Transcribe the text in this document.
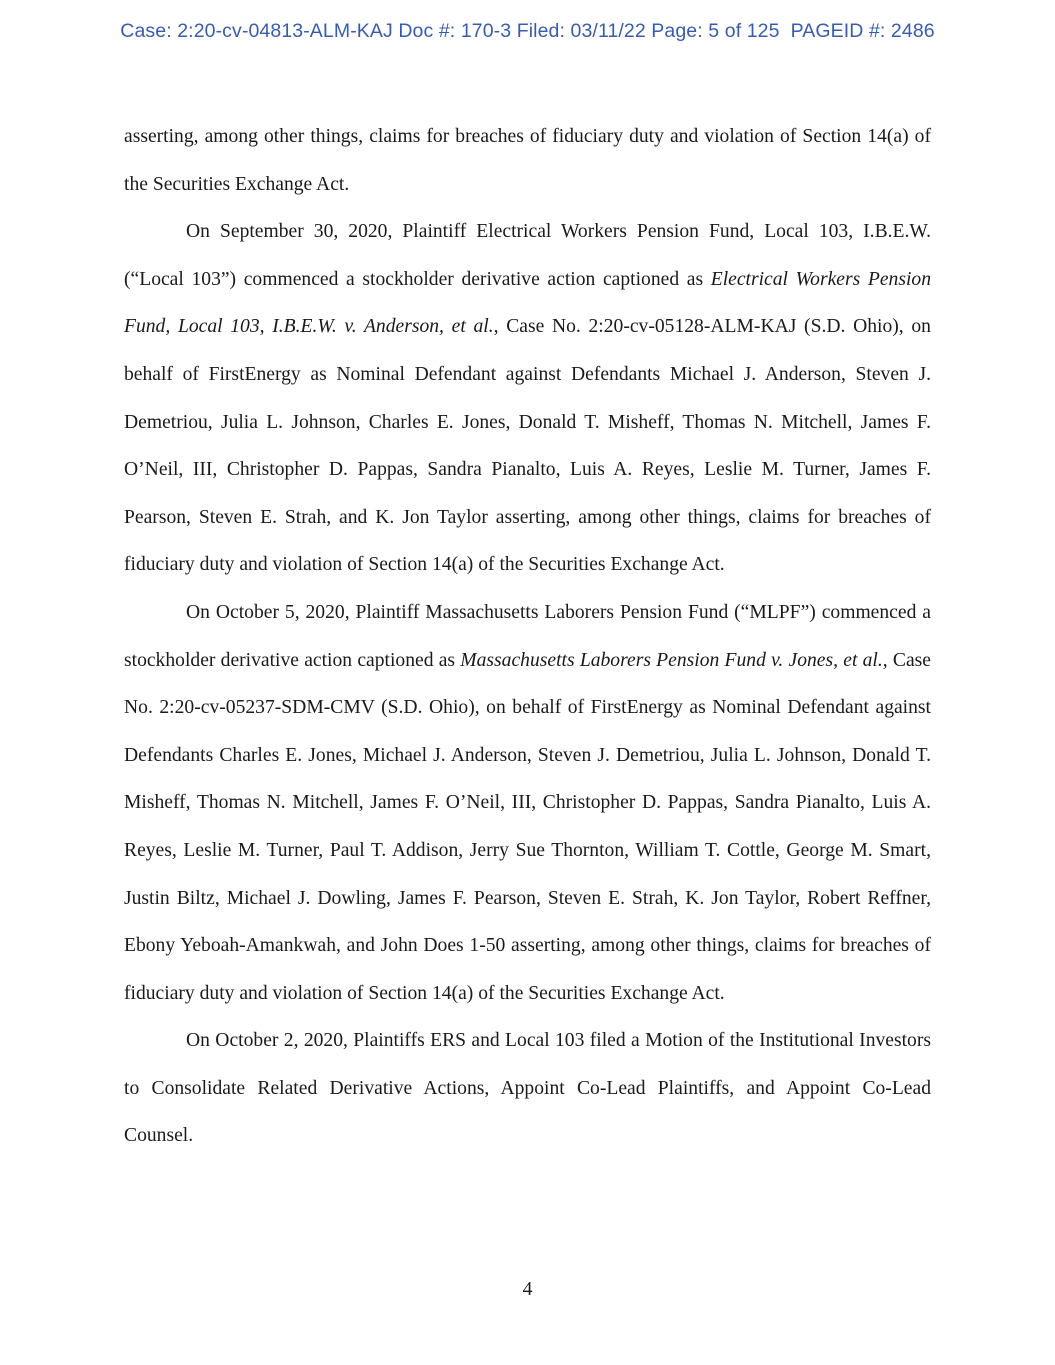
Case: 2:20-cv-04813-ALM-KAJ Doc #: 170-3 Filed: 03/11/22 Page: 5 of 125  PAGEID #: 2486

asserting, among other things, claims for breaches of fiduciary duty and violation of Section 14(a) of the Securities Exchange Act.

On September 30, 2020, Plaintiff Electrical Workers Pension Fund, Local 103, I.B.E.W. (“Local 103”) commenced a stockholder derivative action captioned as Electrical Workers Pension Fund, Local 103, I.B.E.W. v. Anderson, et al., Case No. 2:20-cv-05128-ALM-KAJ (S.D. Ohio), on behalf of FirstEnergy as Nominal Defendant against Defendants Michael J. Anderson, Steven J. Demetriou, Julia L. Johnson, Charles E. Jones, Donald T. Misheff, Thomas N. Mitchell, James F. O’Neil, III, Christopher D. Pappas, Sandra Pianalto, Luis A. Reyes, Leslie M. Turner, James F. Pearson, Steven E. Strah, and K. Jon Taylor asserting, among other things, claims for breaches of fiduciary duty and violation of Section 14(a) of the Securities Exchange Act.

On October 5, 2020, Plaintiff Massachusetts Laborers Pension Fund (“MLPF”) commenced a stockholder derivative action captioned as Massachusetts Laborers Pension Fund v. Jones, et al., Case No. 2:20-cv-05237-SDM-CMV (S.D. Ohio), on behalf of FirstEnergy as Nominal Defendant against Defendants Charles E. Jones, Michael J. Anderson, Steven J. Demetriou, Julia L. Johnson, Donald T. Misheff, Thomas N. Mitchell, James F. O’Neil, III, Christopher D. Pappas, Sandra Pianalto, Luis A. Reyes, Leslie M. Turner, Paul T. Addison, Jerry Sue Thornton, William T. Cottle, George M. Smart, Justin Biltz, Michael J. Dowling, James F. Pearson, Steven E. Strah, K. Jon Taylor, Robert Reffner, Ebony Yeboah-Amankwah, and John Does 1-50 asserting, among other things, claims for breaches of fiduciary duty and violation of Section 14(a) of the Securities Exchange Act.

On October 2, 2020, Plaintiffs ERS and Local 103 filed a Motion of the Institutional Investors to Consolidate Related Derivative Actions, Appoint Co-Lead Plaintiffs, and Appoint Co-Lead Counsel.

4
